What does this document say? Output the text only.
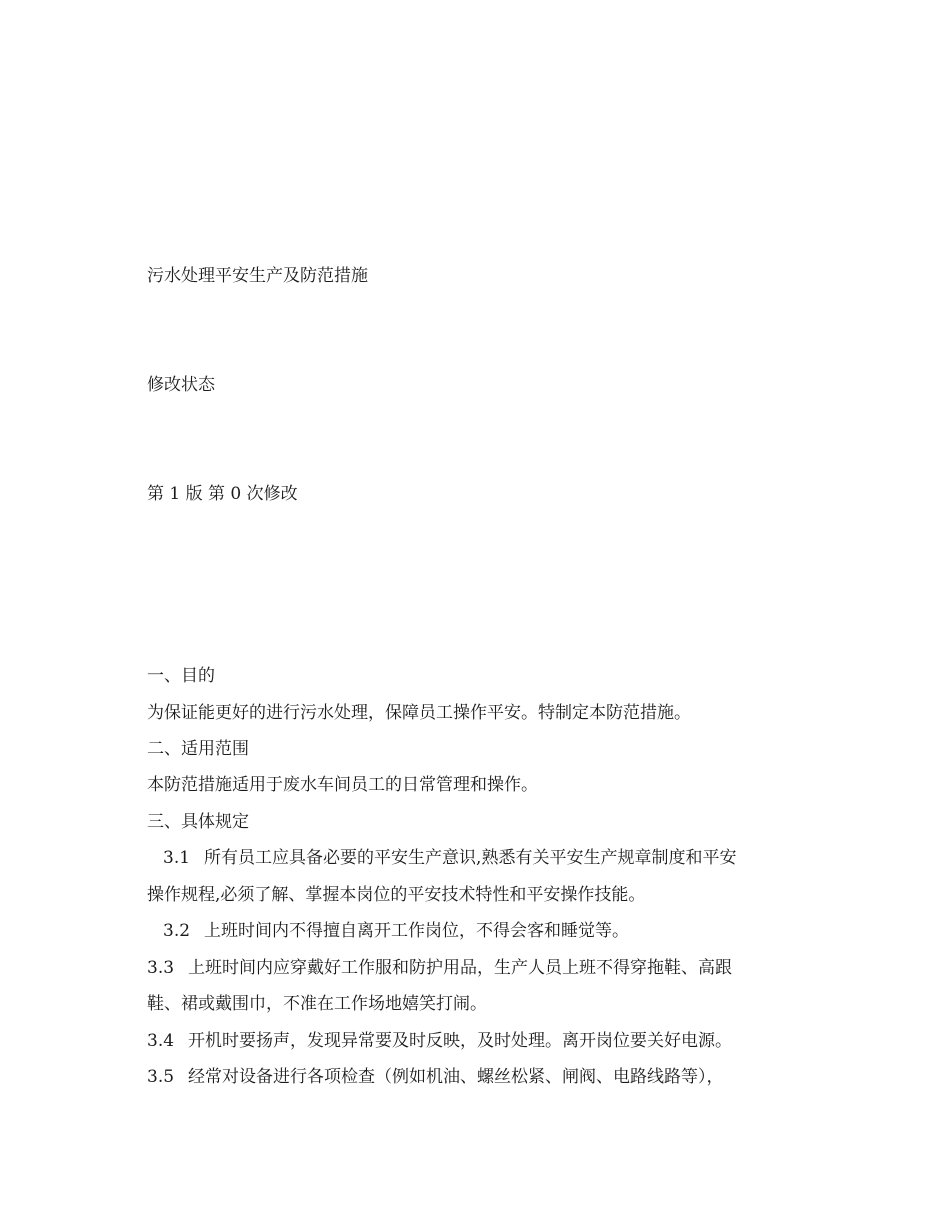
污水处理平安生产及防范措施

修改状态

第 1 版 第 0 次修改

一、目的

为保证能更好的进行污水处理，保障员工操作平安。特制定本防范措施。

二、适用范围

本防范措施适用于废水车间员工的日常管理和操作。

三、具体规定

3.1 所有员工应具备必要的平安生产意识,熟悉有关平安生产规章制度和平安

操作规程,必须了解、掌握本岗位的平安技术特性和平安操作技能。

3.2 上班时间内不得擅自离开工作岗位，不得会客和睡觉等。

3.3 上班时间内应穿戴好工作服和防护用品，生产人员上班不得穿拖鞋、高跟

鞋、裙或戴围巾，不准在工作场地嬉笑打闹。

3.4 开机时要扬声，发现异常要及时反映，及时处理。离开岗位要关好电源。

3.5 经常对设备进行各项检查（例如机油、螺丝松紧、闸阀、电路线路等），
